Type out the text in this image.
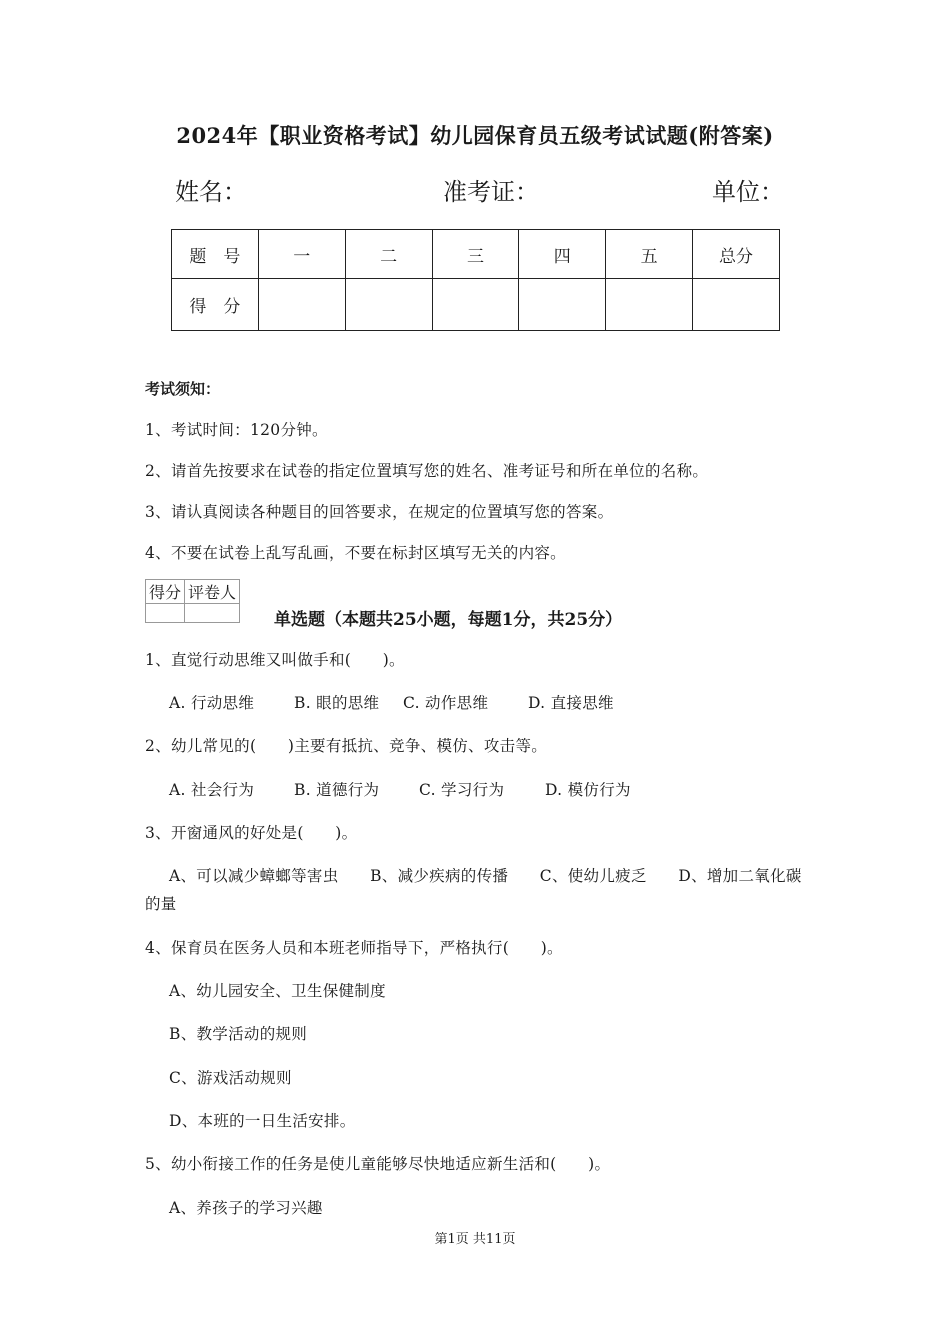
2024年【职业资格考试】幼儿园保育员五级考试试题(附答案)
姓名：	准考证：	单位：
题　号	一	二	三	四	五	总分
得　分						
考试须知：
1、考试时间：120分钟。
2、请首先按要求在试卷的指定位置填写您的姓名、准考证号和所在单位的名称。
3、请认真阅读各种题目的回答要求，在规定的位置填写您的答案。
4、不要在试卷上乱写乱画，不要在标封区填写无关的内容。
得分	评卷人

单选题（本题共25小题，每题1分，共25分）
1、直觉行动思维又叫做手和(　　)。
A. 行动思维	B. 眼的思维 C. 动作思维	D. 直接思维
2、幼儿常见的(　　)主要有抵抗、竞争、模仿、攻击等。
A. 社会行为	B. 道德行为	C. 学习行为	D. 模仿行为
3、开窗通风的好处是(　　)。
A、可以减少蟑螂等害虫　　B、减少疾病的传播　　C、使幼儿疲乏　　D、增加二氧化碳
的量
4、保育员在医务人员和本班老师指导下，严格执行(　　)。
A、幼儿园安全、卫生保健制度
B、教学活动的规则
C、游戏活动规则
D、本班的一日生活安排。
5、幼小衔接工作的任务是使儿童能够尽快地适应新生活和(　　)。
A、养孩子的学习兴趣
第1页 共11页
